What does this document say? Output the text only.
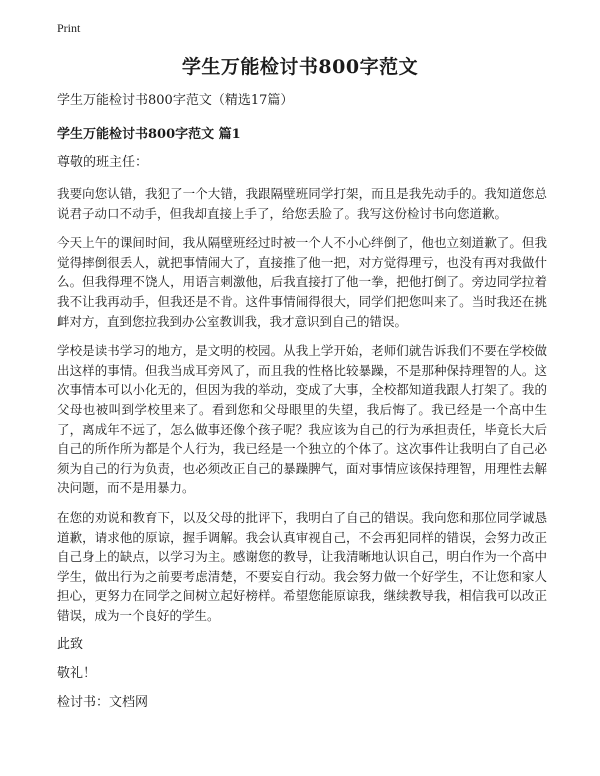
Print
学生万能检讨书800字范文

学生万能检讨书800字范文（精选17篇）

学生万能检讨书800字范文 篇1

尊敬的班主任：

我要向您认错，我犯了一个大错，我跟隔壁班同学打架，而且是我先动手的。我知道您总说君子动口不动手，但我却直接上手了，给您丢脸了。我写这份检讨书向您道歉。

今天上午的课间时间，我从隔壁班经过时被一个人不小心绊倒了，他也立刻道歉了。但我觉得摔倒很丢人，就把事情闹大了，直接推了他一把，对方觉得理亏，也没有再对我做什么。但我得理不饶人，用语言刺激他，后我直接打了他一拳，把他打倒了。旁边同学拉着我不让我再动手，但我还是不肯。这件事情闹得很大，同学们把您叫来了。当时我还在挑衅对方，直到您拉我到办公室教训我，我才意识到自己的错误。

学校是读书学习的地方，是文明的校园。从我上学开始，老师们就告诉我们不要在学校做出这样的事情。但我当成耳旁风了，而且我的性格比较暴躁，不是那种保持理智的人。这次事情本可以小化无的，但因为我的举动，变成了大事，全校都知道我跟人打架了。我的父母也被叫到学校里来了。看到您和父母眼里的失望，我后悔了。我已经是一个高中生了，离成年不远了，怎么做事还像个孩子呢？我应该为自己的行为承担责任，毕竟长大后自己的所作所为都是个人行为，我已经是一个独立的个体了。这次事件让我明白了自己必须为自己的行为负责，也必须改正自己的暴躁脾气，面对事情应该保持理智，用理性去解决问题，而不是用暴力。

在您的劝说和教育下，以及父母的批评下，我明白了自己的错误。我向您和那位同学诚恳道歉，请求他的原谅，握手调解。我会认真审视自己，不会再犯同样的错误，会努力改正自己身上的缺点，以学习为主。感谢您的教导，让我清晰地认识自己，明白作为一个高中学生，做出行为之前要考虑清楚，不要妄自行动。我会努力做一个好学生，不让您和家人担心，更努力在同学之间树立起好榜样。希望您能原谅我，继续教导我，相信我可以改正错误，成为一个良好的学生。

此致

敬礼！

检讨书：文档网
